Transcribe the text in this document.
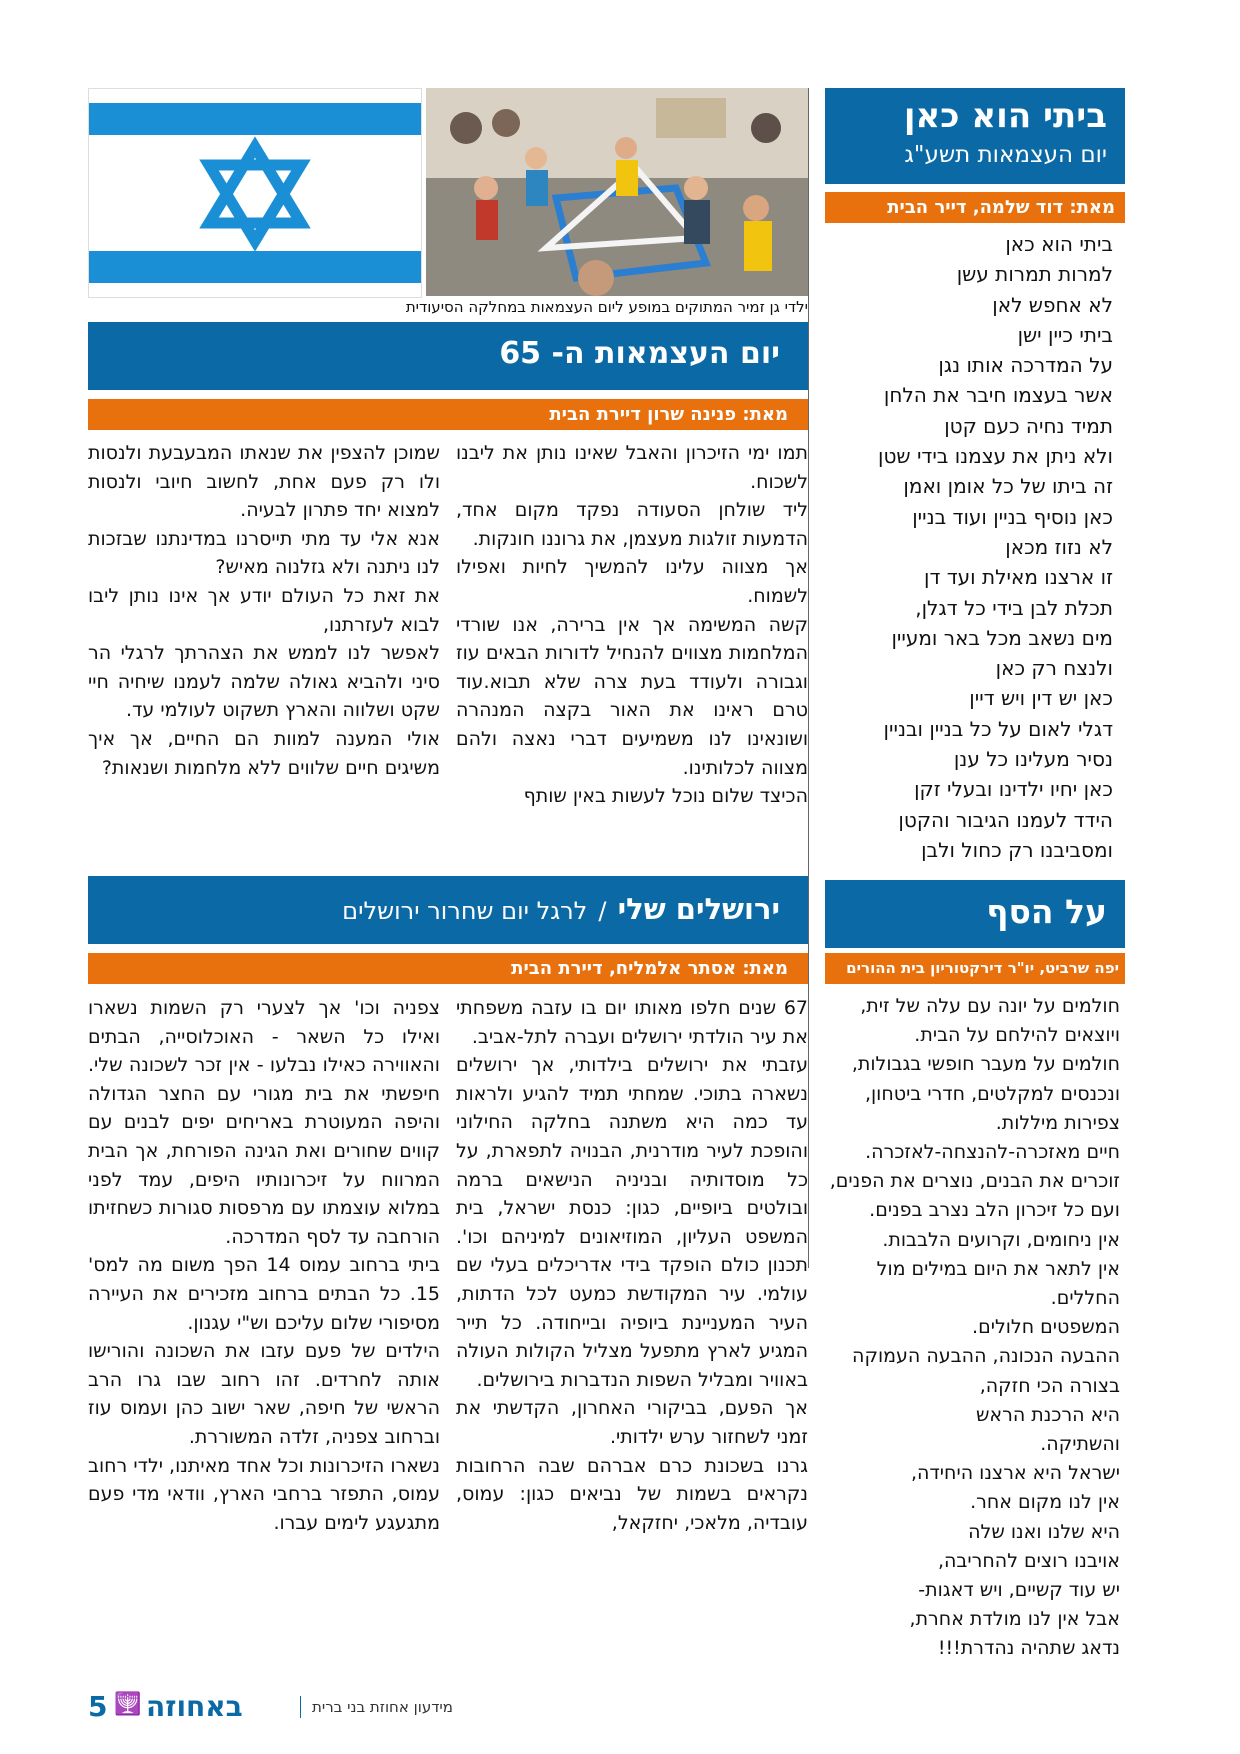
ביתי הוא כאן
יום העצמאות תשע"ג
מאת: דוד שלמה, דייר הבית

ביתי הוא כאן

למרות תמרות עשן

לא אחפש לאן

ביתי כיין ישן

על המדרכה אותו נגן

אשר בעצמו חיבר את הלחן

תמיד נחיה כעם קטן

ולא ניתן את עצמנו בידי שטן

זה ביתו של כל אומן ואמן

כאן נוסיף בניין ועוד בניין

לא נזוז מכאן

זו ארצנו מאילת ועד דן

תכלת לבן בידי כל דגלן,

מים נשאב מכל באר ומעיין

ולנצח רק כאן

כאן יש דין ויש דיין

דגלי לאום על כל בניין ובניין

נסיר מעלינו כל ענן

כאן יחיו ילדינו ובעלי זקן

הידד לעמנו הגיבור והקטן

ומסביבנו רק כחול ולבן

על הסף
יפה שרביט, יו"ר דירקטוריון בית ההורים

חולמים על יונה עם עלה של זית,

ויוצאים להילחם על הבית.

חולמים על מעבר חופשי בגבולות,

ונכנסים למקלטים, חדרי ביטחון,

צפירות מיללות.

חיים מאזכרה-להנצחה-לאזכרה.

זוכרים את הבנים, נוצרים את הפנים,

ועם כל זיכרון הלב נצרב בפנים.

אין ניחומים, וקרועים הלבבות.

אין לתאר את היום במילים מול החללים.

המשפטים חלולים.

ההבעה הנכונה, ההבעה העמוקה

בצורה הכי חזקה,

היא הרכנת הראש

והשתיקה.

ישראל היא ארצנו היחידה,

אין לנו מקום אחר.

היא שלנו ואנו שלה

אויבנו רוצים להחריבה,

יש עוד קשיים, ויש דאגות-

אבל אין לנו מולדת אחרת,

נדאג שתהיה נהדרת!!!

ילדי גן זמיר המתוקים במופע ליום העצמאות במחלקה הסיעודית
יום העצמאות ה- 65
מאת: פנינה שרון דיירת הבית

תמו ימי הזיכרון והאבל שאינו נותן את ליבנו לשכוח.

ליד שולחן הסעודה נפקד מקום אחד, הדמעות זולגות מעצמן, את גרוננו חונקות.

אך מצווה עלינו להמשיך לחיות ואפילו לשמוח.

קשה המשימה אך אין ברירה, אנו שורדי המלחמות מצווים להנחיל לדורות הבאים עוז וגבורה ולעודד בעת צרה שלא תבוא.עוד טרם ראינו את האור בקצה המנהרה ושונאינו לנו משמיעים דברי נאצה ולהם מצווה לכלותינו.

הכיצד שלום נוכל לעשות באין שותף

שמוכן להצפין את שנאתו המבעבעת ולנסות ולו רק פעם אחת, לחשוב חיובי ולנסות למצוא יחד פתרון לבעיה.

אנא אלי עד מתי תייסרנו במדינתנו שבזכות לנו ניתנה ולא גזלנוה מאיש?

את זאת כל העולם יודע אך אינו נותן ליבו לבוא לעזרתנו,

לאפשר לנו לממש את הצהרתך לרגלי הר סיני ולהביא גאולה שלמה לעמנו שיחיה חיי שקט ושלווה והארץ תשקוט לעולמי עד.

אולי המענה למוות הם החיים, אך איך משיגים חיים שלווים ללא מלחמות ושנאות?

ירושלים שלי / לרגל יום שחרור ירושלים
מאת: אסתר אלמליח, דיירת הבית

67 שנים חלפו מאותו יום בו עזבה משפחתי את עיר הולדתי ירושלים ועברה לתל-אביב.

עזבתי את ירושלים בילדותי, אך ירושלים נשארה בתוכי. שמחתי תמיד להגיע ולראות עד כמה היא משתנה בחלקה החילוני והופכת לעיר מודרנית, הבנויה לתפארת, על כל מוסדותיה ובניניה הנישאים ברמה ובולטים ביופיים, כגון: כנסת ישראל, בית המשפט העליון, המוזיאונים למיניהם וכו'. תכנון כולם הופקד בידי אדריכלים בעלי שם עולמי. עיר המקודשת כמעט לכל הדתות, העיר המעניינת ביופיה ובייחודה. כל תייר המגיע לארץ מתפעל מצליל הקולות העולה באוויר ומבליל השפות הנדברות בירושלים.

אך הפעם, בביקורי האחרון, הקדשתי את זמני לשחזור ערש ילדותי.

גרנו בשכונת כרם אברהם שבה הרחובות נקראים בשמות של נביאים כגון: עמוס, עובדיה, מלאכי, יחזקאל,

צפניה וכו' אך לצערי רק השמות נשארו ואילו כל השאר - האוכלוסייה, הבתים והאווירה כאילו נבלעו - אין זכר לשכונה שלי. חיפשתי את בית מגורי עם החצר הגדולה והיפה המעוטרת באריחים יפים לבנים עם קווים שחורים ואת הגינה הפורחת, אך הבית המרווח על זיכרונותיו היפים, עמד לפני במלוא עוצמתו עם מרפסות סגורות כשחזיתו הורחבה עד לסף המדרכה.

ביתי ברחוב עמוס 14 הפך משום מה למס' 15. כל הבתים ברחוב מזכירים את העיירה מסיפורי שלום עליכם וש"י עגנון.

הילדים של פעם עזבו את השכונה והורישו אותה לחרדים. זהו רחוב שבו גרו הרב הראשי של חיפה, שאר ישוב כהן ועמוס עוז וברחוב צפניה, זלדה המשוררת.

נשארו הזיכרונות וכל אחד מאיתנו, ילדי רחוב עמוס, התפזר ברחבי הארץ, וודאי מדי פעם מתגעגע לימים עברו.

5 🕎 באחוזה	מידעון אחוזת בני ברית
